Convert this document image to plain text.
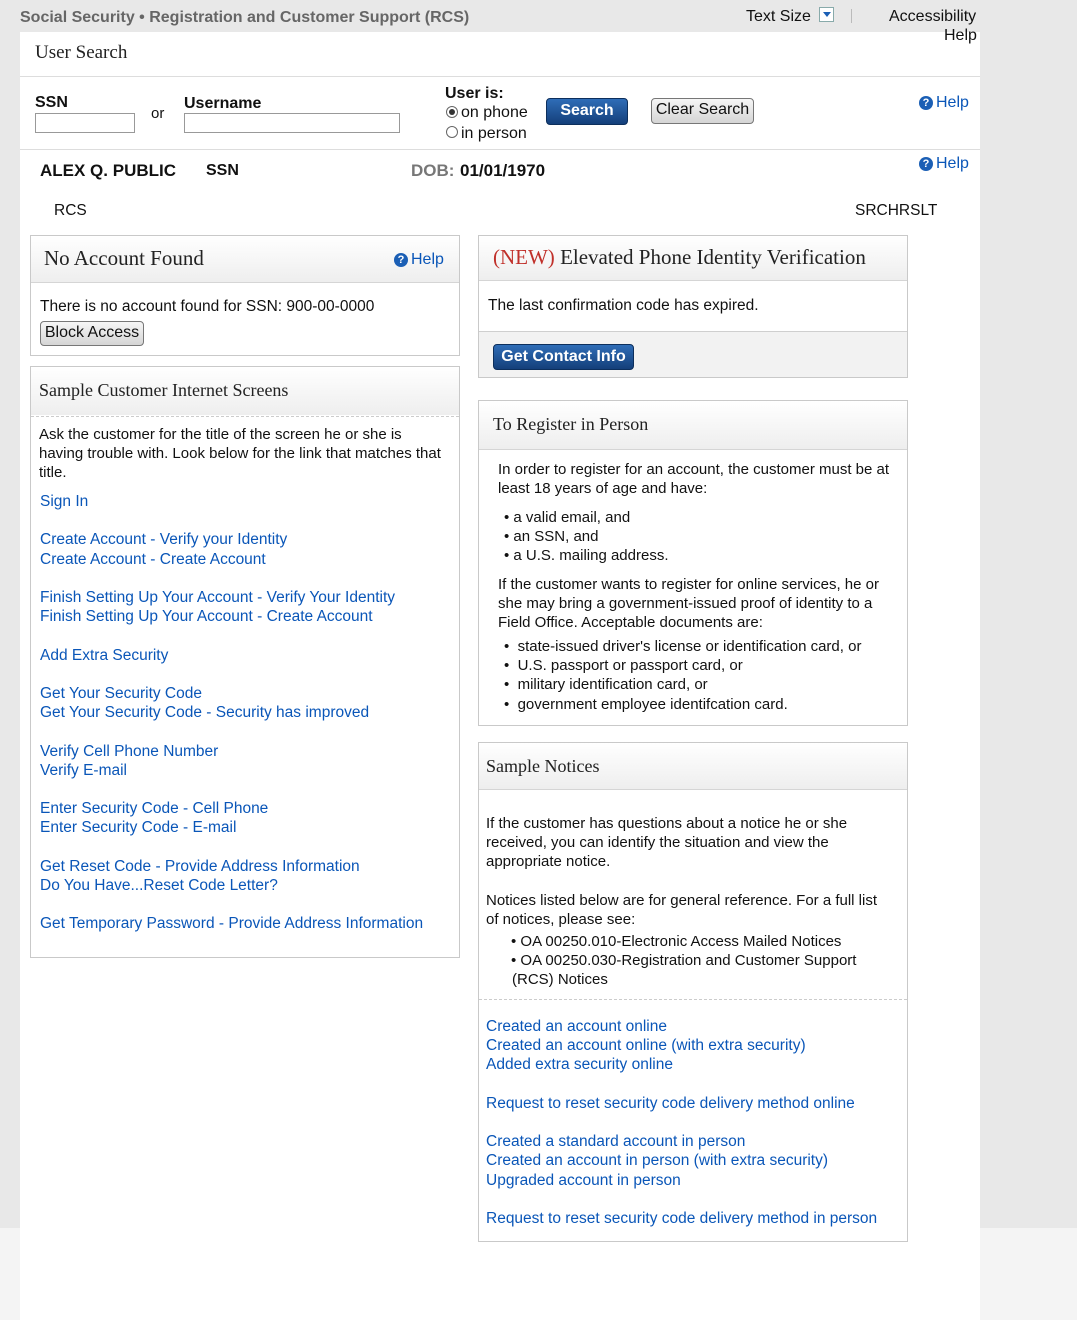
Social Security • Registration and Customer Support (RCS)	Text Size	Accessibility
Help
User Search
SSN
or
Username
User is:
on phone
in person
Search	Clear Search	? Help
ALEX Q. PUBLIC SSN	DOB: 01/01/1970	? Help
RCS	SRCHRSLT
No Account Found	? Help
There is no account found for SSN: 900-00-0000
Block Access
Sample Customer Internet Screens
Ask the customer for the title of the screen he or she is having trouble with. Look below for the link that matches that title.
Sign In
Create Account - Verify your Identity
Create Account - Create Account
Finish Setting Up Your Account - Verify Your Identity
Finish Setting Up Your Account - Create Account
Add Extra Security
Get Your Security Code
Get Your Security Code - Security has improved
Verify Cell Phone Number
Verify E-mail
Enter Security Code - Cell Phone
Enter Security Code - E-mail
Get Reset Code - Provide Address Information
Do You Have...Reset Code Letter?
Get Temporary Password - Provide Address Information
(NEW) Elevated Phone Identity Verification
The last confirmation code has expired.
Get Contact Info
To Register in Person
In order to register for an account, the customer must be at least 18 years of age and have:
• a valid email, and
• an SSN, and
• a U.S. mailing address.
If the customer wants to register for online services, he or she may bring a government-issued proof of identity to a Field Office. Acceptable documents are:
•  state-issued driver's license or identification card, or
•  U.S. passport or passport card, or
•  military identification card, or
•  government employee identifcation card.
Sample Notices
If the customer has questions about a notice he or she received, you can identify the situation and view the appropriate notice.
Notices listed below are for general reference. For a full list of notices, please see:
• OA 00250.010-Electronic Access Mailed Notices
• OA 00250.030-Registration and Customer Support
(RCS) Notices
Created an account online
Created an account online (with extra security)
Added extra security online
Request to reset security code delivery method online
Created a standard account in person
Created an account in person (with extra security)
Upgraded account in person
Request to reset security code delivery method in person
